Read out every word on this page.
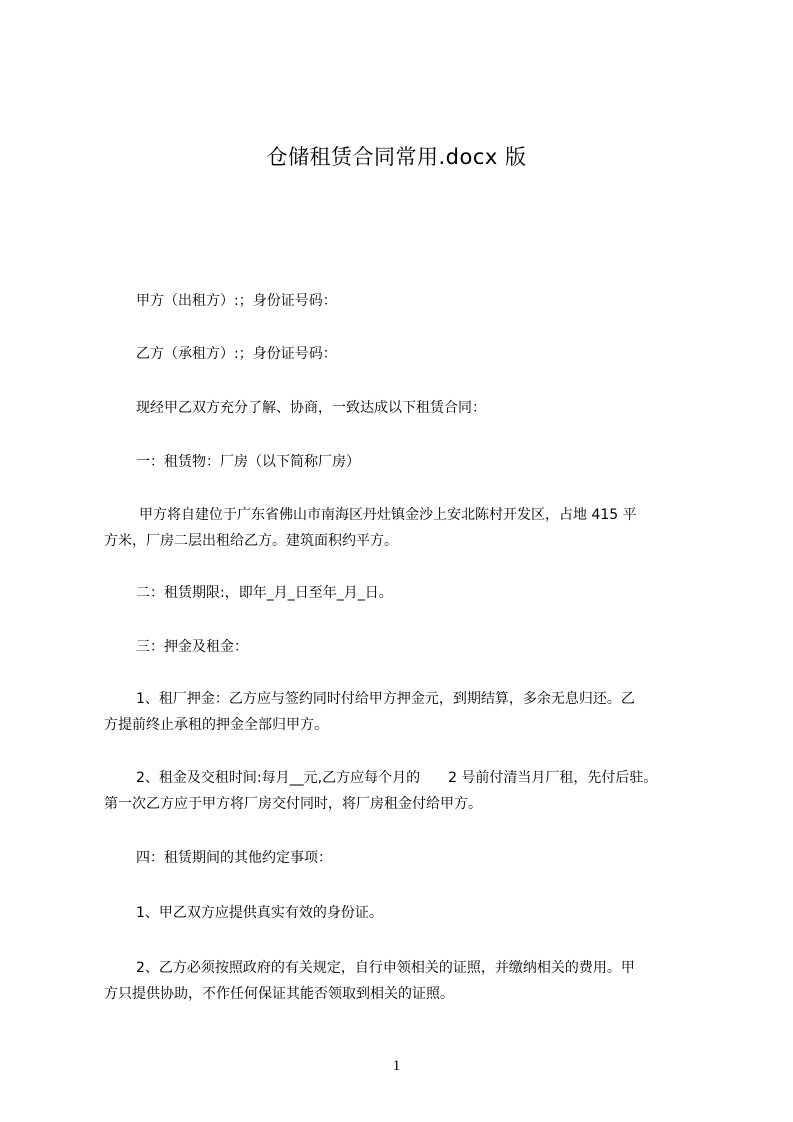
仓储租赁合同常用.docx 版
甲方（出租方）:；身份证号码：
乙方（承租方）:；身份证号码：
现经甲乙双方充分了解、协商，一致达成以下租赁合同：
一：租赁物：厂房（以下简称厂房）
甲方将自建位于广东省佛山市南海区丹灶镇金沙上安北陈村开发区，占地 415 平
方米，厂房二层出租给乙方。建筑面积约平方。
二：租赁期限:，即年_月_日至年_月_日。
三：押金及租金：
1、租厂押金：乙方应与签约同时付给甲方押金元，到期结算，多余无息归还。乙
方提前终止承租的押金全部归甲方。
2、租金及交租时间:每月__元,乙方应每个月的　　2 号前付清当月厂租，先付后驻。
第一次乙方应于甲方将厂房交付同时，将厂房租金付给甲方。
四：租赁期间的其他约定事项：
1、甲乙双方应提供真实有效的身份证。
2、乙方必须按照政府的有关规定，自行申领相关的证照，并缴纳相关的费用。甲
方只提供协助，不作任何保证其能否领取到相关的证照。
1
